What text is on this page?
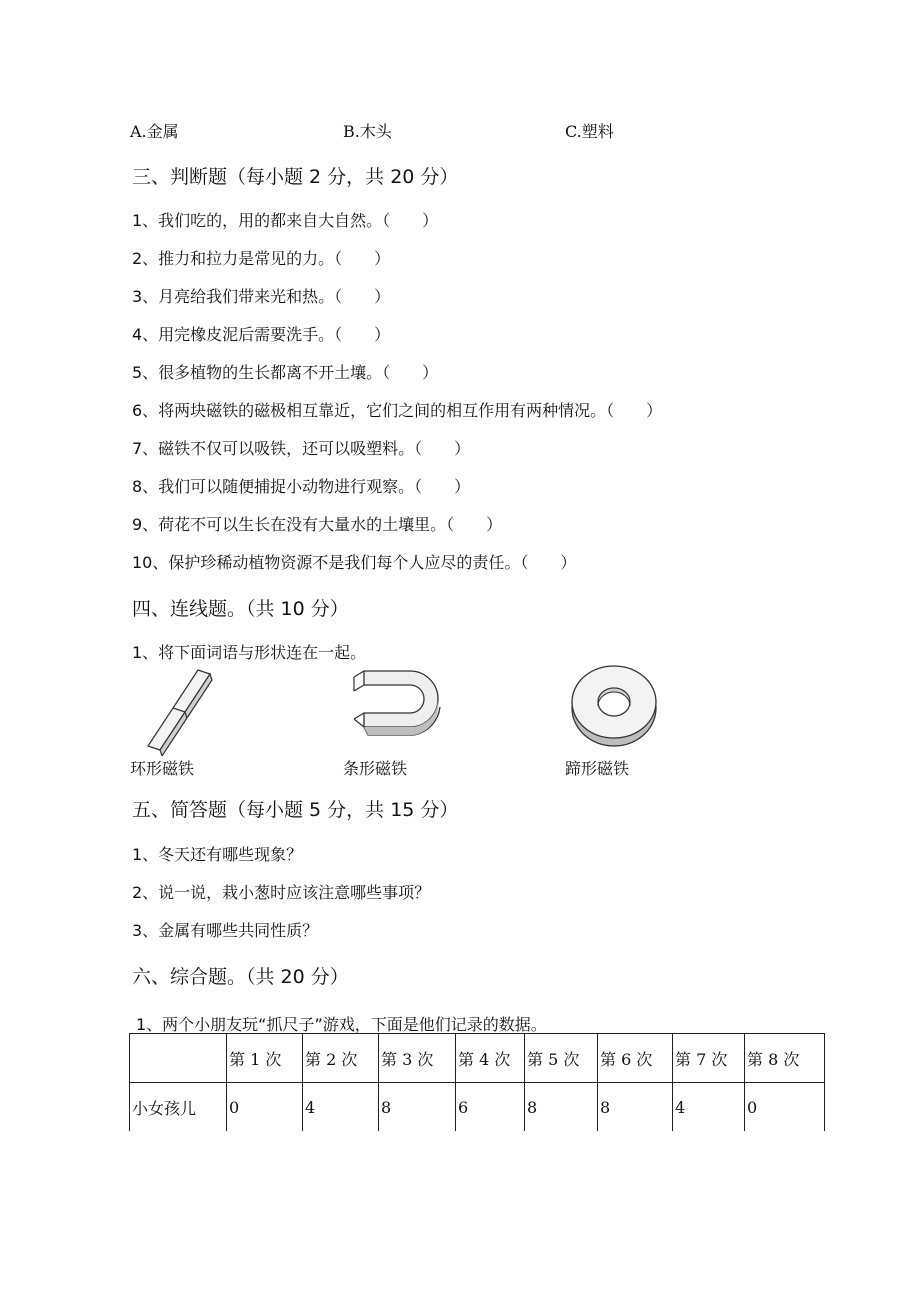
A.金属	B.木头	C.塑料
三、判断题（每小题 2 分，共 20 分）
1、我们吃的，用的都来自大自然。（　　）
2、推力和拉力是常见的力。（　　）
3、月亮给我们带来光和热。（　　）
4、用完橡皮泥后需要洗手。（　　）
5、很多植物的生长都离不开土壤。（　　）
6、将两块磁铁的磁极相互靠近，它们之间的相互作用有两种情况。（　　）
7、磁铁不仅可以吸铁，还可以吸塑料。（　　）
8、我们可以随便捕捉小动物进行观察。（　　）
9、荷花不可以生长在没有大量水的土壤里。（　　）
10、保护珍稀动植物资源不是我们每个人应尽的责任。（　　）
四、连线题。（共 10 分）
1、将下面词语与形状连在一起。
环形磁铁	条形磁铁	蹄形磁铁
五、简答题（每小题 5 分，共 15 分）
1、冬天还有哪些现象？
2、说一说，栽小葱时应该注意哪些事项？
3、金属有哪些共同性质？
六、综合题。（共 20 分）
1、两个小朋友玩“抓尺子”游戏，下面是他们记录的数据。
	第 1 次	第 2 次	第 3 次	第 4 次	第 5 次	第 6 次	第 7 次	第 8 次
小女孩儿	0	4	8	6	8	8	4	0
